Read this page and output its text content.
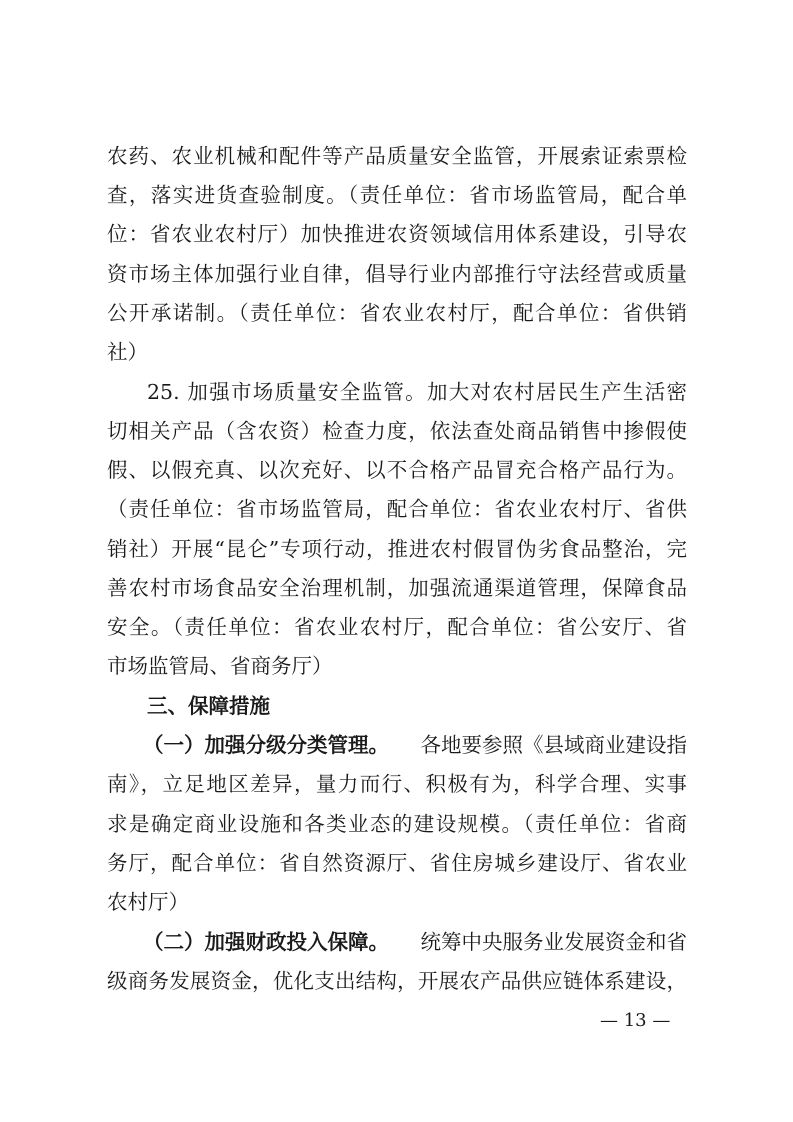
农药、农业机械和配件等产品质量安全监管，开展索证索票检
查，落实进货查验制度。（责任单位：省市场监管局，配合单
位：省农业农村厅）加快推进农资领域信用体系建设，引导农
资市场主体加强行业自律，倡导行业内部推行守法经营或质量
公开承诺制。（责任单位：省农业农村厅，配合单位：省供销
社）
25. 加强市场质量安全监管。加大对农村居民生产生活密
切相关产品（含农资）检查力度，依法查处商品销售中掺假使
假、以假充真、以次充好、以不合格产品冒充合格产品行为。
（责任单位：省市场监管局，配合单位：省农业农村厅、省供
销社）开展“昆仑”专项行动，推进农村假冒伪劣食品整治，完
善农村市场食品安全治理机制，加强流通渠道管理，保障食品
安全。（责任单位：省农业农村厅，配合单位：省公安厅、省
市场监管局、省商务厅）
三、保障措施
（一）加强分级分类管理。 各地要参照《县域商业建设指
南》，立足地区差异，量力而行、积极有为，科学合理、实事
求是确定商业设施和各类业态的建设规模。（责任单位：省商
务厅，配合单位：省自然资源厅、省住房城乡建设厅、省农业
农村厅）
（二）加强财政投入保障。 统筹中央服务业发展资金和省
级商务发展资金，优化支出结构，开展农产品供应链体系建设，
— 13 —
